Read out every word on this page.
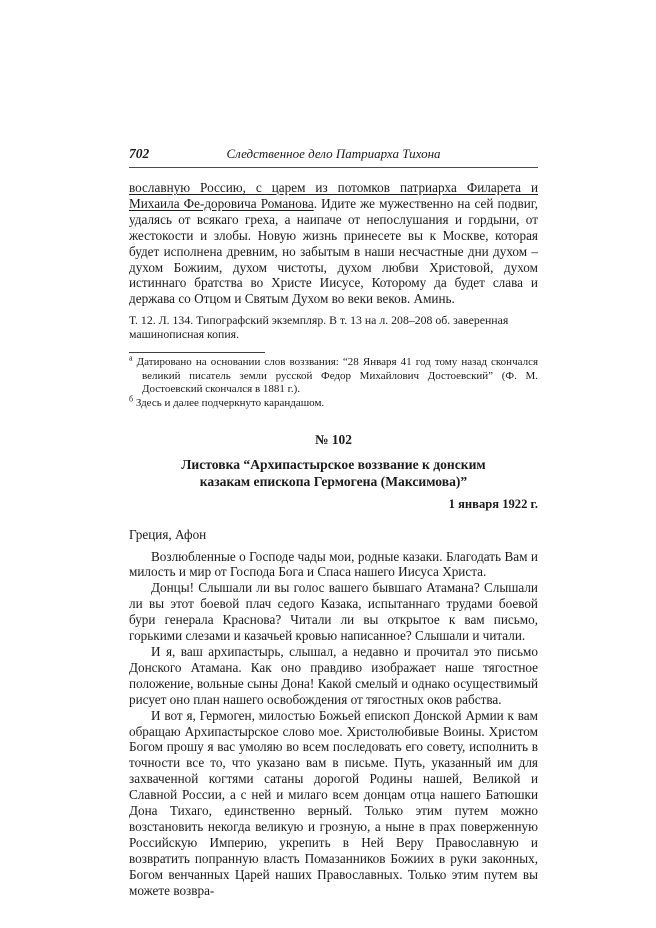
702	Следственное дело Патриарха Тихона

вославную Россию, с царем из потомков патриарха Филарета и Михаила Фе-доровича Романова. Идите же мужественно на сей подвиг, удалясь от всякаго греха, а наипаче от непослушания и гордыни, от жестокости и злобы. Новую жизнь принесете вы к Москве, которая будет исполнена древним, но забытым в наши несчастные дни духом – духом Божиим, духом чистоты, духом любви Христовой, духом истиннаго братства во Христе Иисусе, Которому да будет слава и держава со Отцом и Святым Духом во веки веков. Аминь.

Т. 12. Л. 134. Типографский экземпляр. В т. 13 на л. 208–208 об. заверенная машинописная копия.

$^а$ Датировано на основании слов воззвания: “28 Января 41 год тому назад скончался великий писатель земли русской Федор Михайлович Достоевский” (Ф. М. Достоевский скончался в 1881 г.).

$^б$ Здесь и далее подчеркнуто карандашом.

№ 102
Листовка “Архипастырское воззвание к донским казакам епископа Гермогена (Максимова)”

1 января 1922 г.

Греция, Афон

Возлюбленные о Господе чады мои, родные казаки. Благодать Вам и милость и мир от Господа Бога и Спаса нашего Иисуса Христа.

Донцы! Слышали ли вы голос вашего бывшаго Атамана? Слышали ли вы этот боевой плач седого Казака, испытаннаго трудами боевой бури генерала Краснова? Читали ли вы открытое к вам письмо, горькими слезами и казачьей кровью написанное? Слышали и читали.

И я, ваш архипастырь, слышал, а недавно и прочитал это письмо Донского Атамана. Как оно правдиво изображает наше тягостное положение, вольные сыны Дона! Какой смелый и однако осуществимый рисует оно план нашего освобождения от тягостных оков рабства.

И вот я, Гермоген, милостью Божьей епископ Донской Армии к вам обращаю Архипастырское слово мое. Христолюбивые Воины. Христом Богом прошу я вас умоляю во всем последовать его совету, исполнить в точности все то, что указано вам в письме. Путь, указанный им для захваченной когтями сатаны дорогой Родины нашей, Великой и Славной России, а с ней и милаго всем донцам отца нашего Батюшки Дона Тихаго, единственно верный. Только этим путем можно возстановить некогда великую и грозную, а ныне в прах поверженную Российскую Империю, укрепить в Ней Веру Православную и возвратить попранную власть Помазанников Божиих в руки законных, Богом венчанных Царей наших Православных. Только этим путем вы можете возвра-
